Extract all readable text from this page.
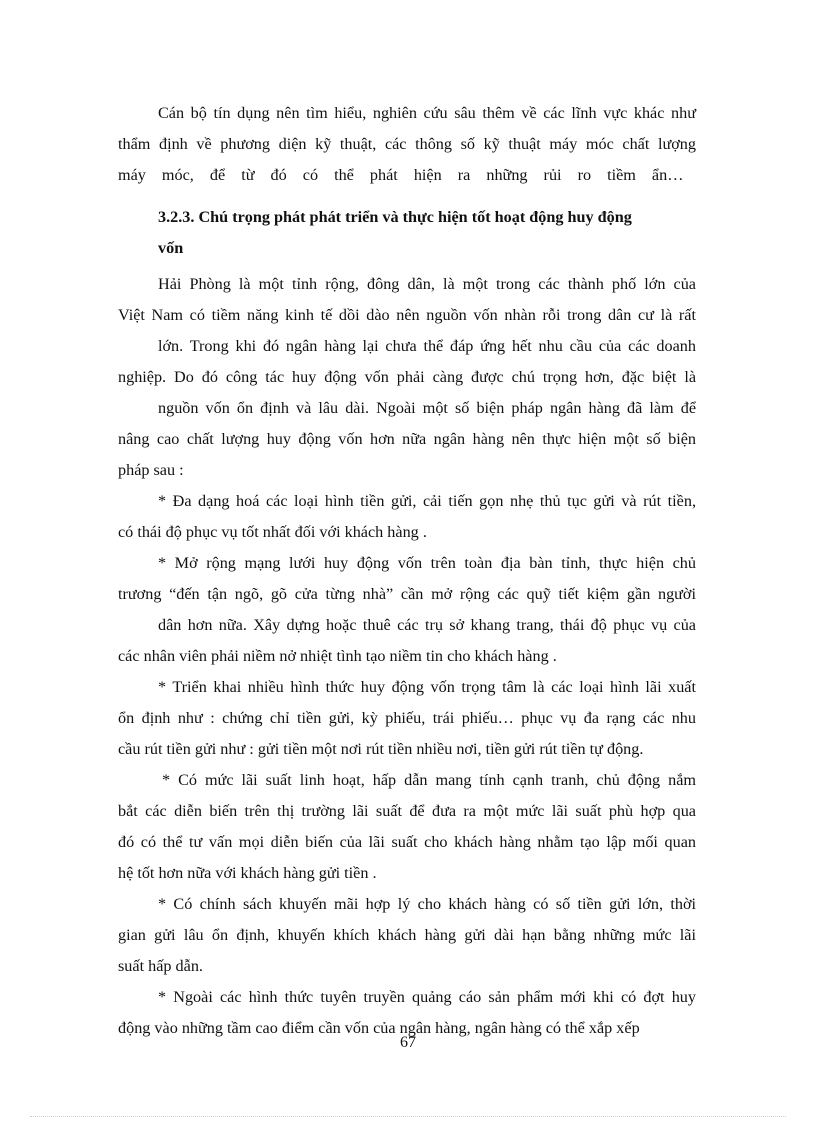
Cán bộ tín dụng nên tìm hiểu, nghiên cứu sâu thêm về các lĩnh vực khác như
thẩm định về phương diện kỹ thuật, các thông số kỹ thuật máy móc chất lượng
máy móc, để từ đó có thể phát hiện ra những rủi ro tiềm ẩn…
3.2.3. Chú trọng phát phát triển và thực hiện tốt hoạt động huy động
vốn
Hải Phòng là một tỉnh rộng, đông dân, là một trong các thành phố lớn của
Việt Nam có tiềm năng kinh tế dồi dào nên nguồn vốn nhàn rỗi trong dân cư là rất
lớn. Trong khi đó ngân hàng lại chưa thể đáp ứng hết nhu cầu của các doanh
nghiệp. Do đó công tác huy động vốn phải càng được chú trọng hơn, đặc biệt là
nguồn vốn ổn định và lâu dài. Ngoài một số biện pháp ngân hàng đã làm để
nâng cao chất lượng huy động vốn hơn nữa ngân hàng nên thực hiện một số biện
pháp sau :
* Đa dạng hoá các loại hình tiền gửi, cải tiến gọn nhẹ thủ tục gửi và rút tiền,
có thái độ phục vụ tốt nhất đối với khách hàng .
* Mở rộng mạng lưới huy động vốn trên toàn địa bàn tỉnh, thực hiện chủ
trương “đến tận ngõ, gõ cửa từng nhà” cần mở rộng các quỹ tiết kiệm gần người
dân hơn nữa. Xây dựng hoặc thuê các trụ sở khang trang, thái độ phục vụ của
các nhân viên phải niềm nở nhiệt tình tạo niềm tin cho khách hàng .
* Triển khai nhiều hình thức huy động vốn trọng tâm là các loại hình lãi xuất
ổn định như : chứng chỉ tiền gửi, kỳ phiếu, trái phiếu… phục vụ đa rạng các nhu
cầu rút tiền gửi như : gửi tiền một nơi rút tiền nhiều nơi, tiền gửi rút tiền tự động.
* Có mức lãi suất linh hoạt, hấp dẫn mang tính cạnh tranh, chủ động nắm
bắt các diễn biến trên thị trường lãi suất để đưa ra một mức lãi suất phù hợp qua
đó có thể tư vấn mọi diễn biến của lãi suất cho khách hàng nhằm tạo lập mối quan
hệ tốt hơn nữa với khách hàng gửi tiền .
* Có chính sách khuyến mãi hợp lý cho khách hàng có số tiền gửi lớn, thời
gian gửi lâu ổn định, khuyến khích khách hàng gửi dài hạn bằng những mức lãi
suất hấp dẫn.
* Ngoài các hình thức tuyên truyền quảng cáo sản phẩm mới khi có đợt huy
động vào những tầm cao điểm cần vốn của ngân hàng, ngân hàng có thể xắp xếp
67
